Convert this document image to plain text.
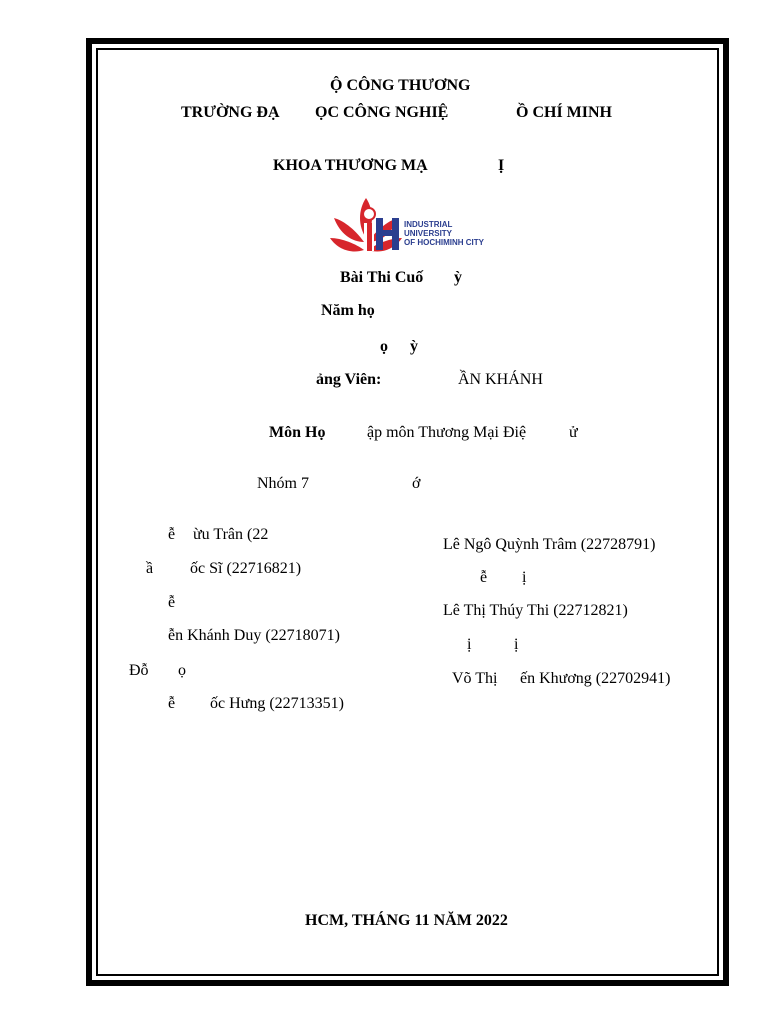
Ộ CÔNG THƯƠNG
TRƯỜNG ĐẠ ỌC CÔNG NGHIỆ	Ồ CHÍ MINH
KHOA THƯƠNG MẠ	Ị
INDUSTRIAL
UNIVERSITY
OF HOCHIMINH CITY
Bài Thi Cuố ỳ
Năm họ
ọ ỳ
ảng Viên:	ẦN KHÁNH
Môn Họ	ập môn Thương Mại Điệ	ử
Nhóm 7	ớ
ễ ừu Trân (22
ầ ốc Sĩ (22716821)
ễ
ễn Khánh Duy (22718071)
Đỗ ọ
ễ ốc Hưng (22713351)
Lê Ngô Quỳnh Trâm (22728791)
ễ ị
Lê Thị Thúy Thi (22712821)
ị	ị
Võ Thị ến Khương (22702941)
HCM, THÁNG 11 NĂM 2022
